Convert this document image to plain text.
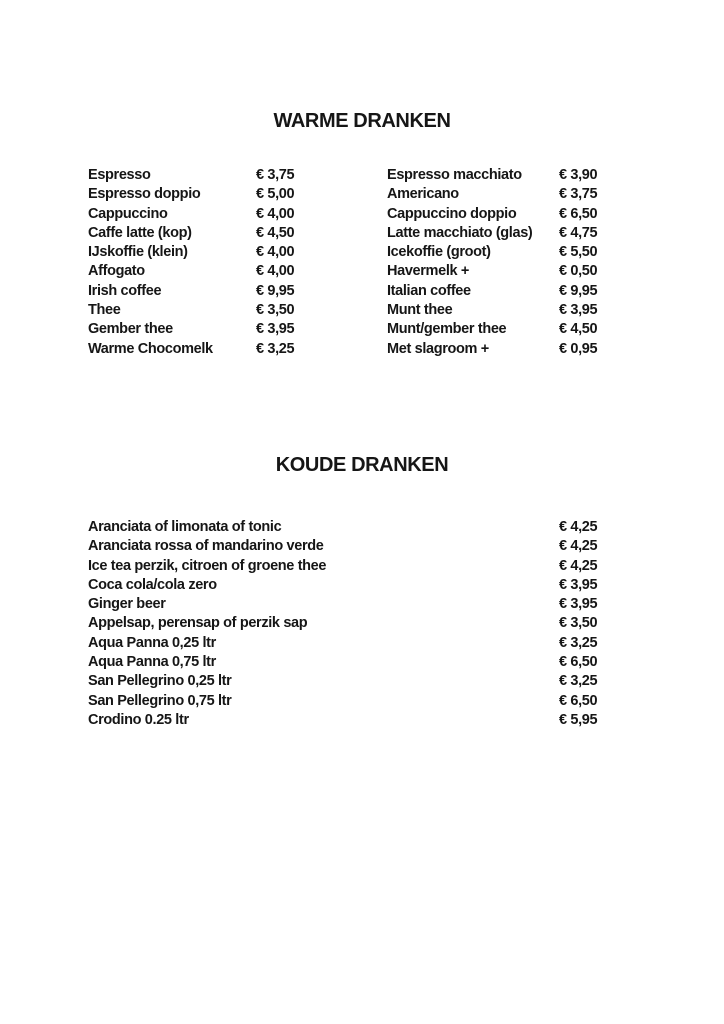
WARME DRANKEN
Espresso	€ 3,75	Espresso macchiato	€ 3,90
Espresso doppio	€ 5,00	Americano	€ 3,75
Cappuccino	€ 4,00	Cappuccino doppio	€ 6,50
Caffe latte (kop)	€ 4,50	Latte macchiato (glas)	€ 4,75
IJskoffie (klein)	€ 4,00	Icekoffie (groot)	€ 5,50
Affogato	€ 4,00	Havermelk +	€ 0,50
Irish coffee	€ 9,95	Italian coffee	€ 9,95
Thee	€ 3,50	Munt thee	€ 3,95
Gember thee	€ 3,95	Munt/gember thee	€ 4,50
Warme Chocomelk	€ 3,25	Met slagroom +	€ 0,95
KOUDE DRANKEN
Aranciata of limonata of tonic	€ 4,25
Aranciata rossa of mandarino verde	€ 4,25
Ice tea perzik, citroen of groene thee	€ 4,25
Coca cola/cola zero	€ 3,95
Ginger beer	€ 3,95
Appelsap, perensap of perzik sap	€ 3,50
Aqua Panna 0,25 ltr	€ 3,25
Aqua Panna 0,75 ltr	€ 6,50
San Pellegrino 0,25 ltr	€ 3,25
San Pellegrino 0,75 ltr	€ 6,50
Crodino 0.25 ltr	€ 5,95
